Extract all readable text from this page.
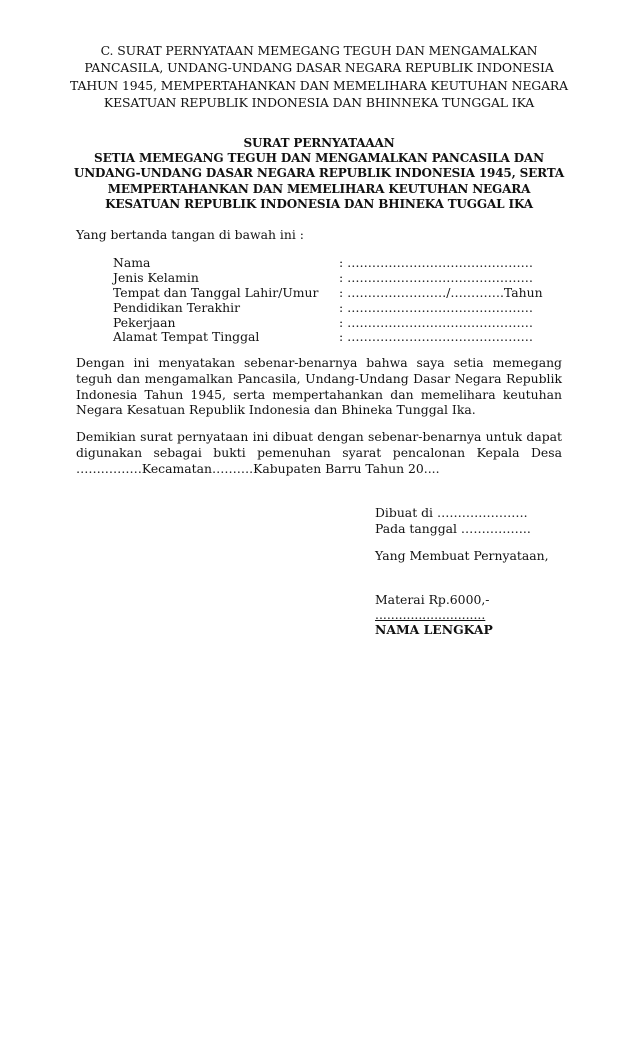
C. SURAT PERNYATAAN MEMEGANG TEGUH DAN MENGAMALKAN
PANCASILA, UNDANG-UNDANG DASAR NEGARA REPUBLIK INDONESIA
TAHUN 1945, MEMPERTAHANKAN DAN MEMELIHARA KEUTUHAN NEGARA
KESATUAN REPUBLIK INDONESIA DAN BHINNEKA TUNGGAL IKA
SURAT PERNYATAAAN
SETIA MEMEGANG TEGUH DAN MENGAMALKAN PANCASILA DAN
UNDANG-UNDANG DASAR NEGARA REPUBLIK INDONESIA 1945, SERTA
MEMPERTAHANKAN DAN MEMELIHARA KEUTUHAN NEGARA
KESATUAN REPUBLIK INDONESIA DAN BHINEKA TUGGAL IKA
Yang bertanda tangan di bawah ini :
Nama	: ………………………………………
Jenis Kelamin	: ………………………………………
Tempat dan Tanggal Lahir/Umur	: ……………………/………….Tahun
Pendidikan Terakhir	: ………………………………………
Pekerjaan	: ………………………………………
Alamat Tempat Tinggal	: ………………………………………
Dengan ini menyatakan sebenar-benarnya bahwa saya setia memegang teguh dan mengamalkan Pancasila, Undang-Undang Dasar Negara Republik Indonesia Tahun 1945, serta mempertahankan dan memelihara keutuhan Negara Kesatuan Republik Indonesia dan Bhineka Tunggal Ika.
Demikian surat pernyataan ini dibuat dengan sebenar-benarnya untuk dapat digunakan sebagai bukti pemenuhan syarat pencalonan Kepala Desa …….………Kecamatan……….Kabupaten Barru Tahun 20....
Dibuat di ………………….
Pada tanggal ……………..
Yang Membuat Pernyataan,
Materai Rp.6000,-
............................
NAMA LENGKAP
